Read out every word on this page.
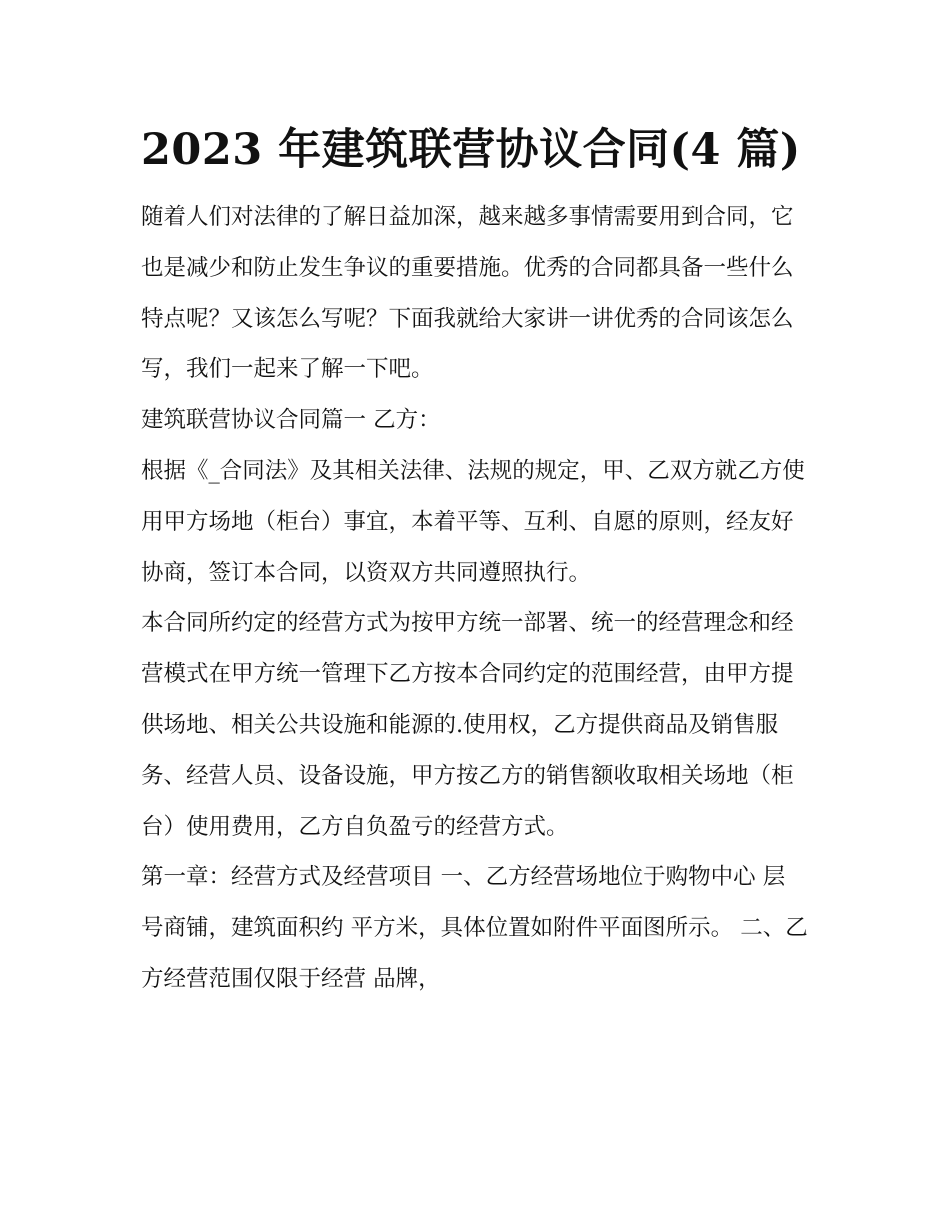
2023 年建筑联营协议合同(4 篇)

随着人们对法律的了解日益加深，越来越多事情需要用到合同，它也是减少和防止发生争议的重要措施。优秀的合同都具备一些什么特点呢？又该怎么写呢？下面我就给大家讲一讲优秀的合同该怎么写，我们一起来了解一下吧。

建筑联营协议合同篇一 乙方：

根据《_合同法》及其相关法律、法规的规定，甲、乙双方就乙方使用甲方场地（柜台）事宜，本着平等、互利、自愿的原则，经友好协商，签订本合同，以资双方共同遵照执行。

本合同所约定的经营方式为按甲方统一部署、统一的经营理念和经营模式在甲方统一管理下乙方按本合同约定的范围经营，由甲方提供场地、相关公共设施和能源的.使用权，乙方提供商品及销售服务、经营人员、设备设施，甲方按乙方的销售额收取相关场地（柜台）使用费用，乙方自负盈亏的经营方式。

第一章：经营方式及经营项目 一、乙方经营场地位于购物中心 层 号商铺，建筑面积约 平方米，具体位置如附件平面图所示。 二、乙方经营范围仅限于经营 品牌，
